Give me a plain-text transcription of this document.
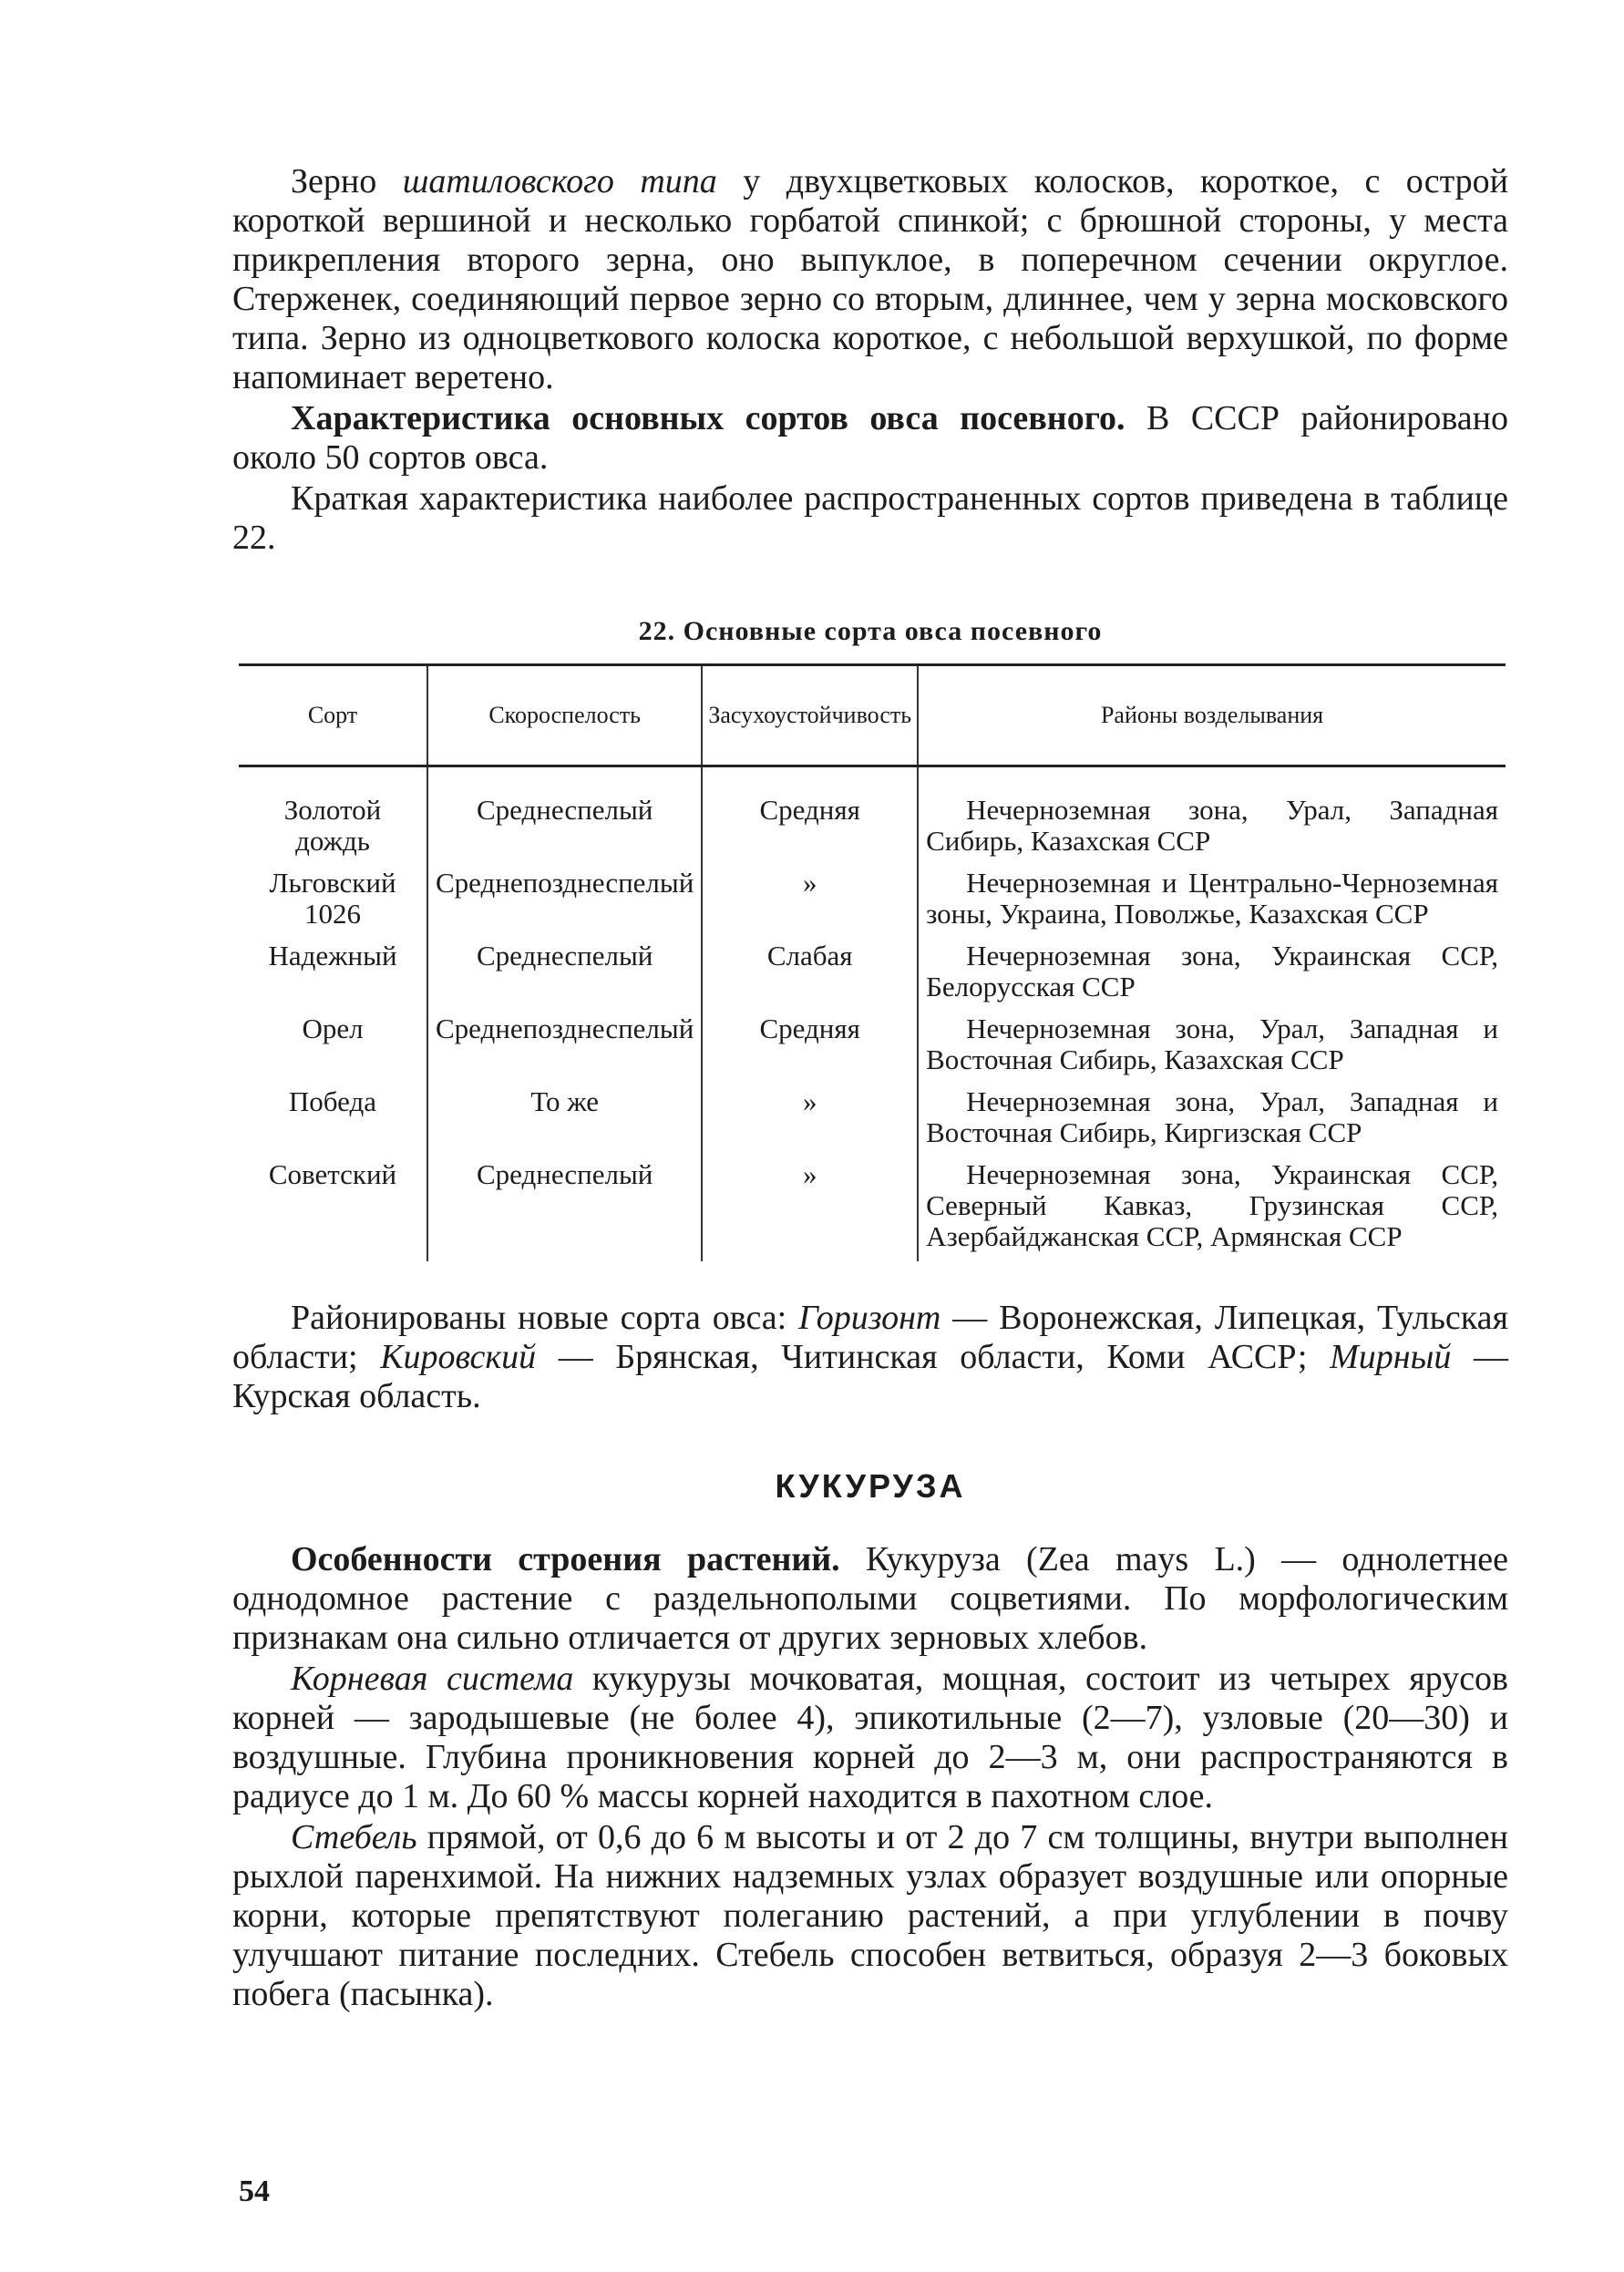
Зерно шатиловского типа у двухцветковых колосков, короткое, с острой короткой вершиной и несколько горбатой спинкой; с брюшной стороны, у места прикрепления второго зерна, оно выпуклое, в поперечном сечении округлое. Стерженек, соединяющий первое зерно со вторым, длиннее, чем у зерна московского типа. Зерно из одноцветкового колоска короткое, с небольшой верхушкой, по форме напоминает веретено.

Характеристика основных сортов овса посевного. В СССР районировано около 50 сортов овса.

Краткая характеристика наиболее распространенных сортов приведена в таблице 22.

22. Основные сорта овса посевного
Сорт	Скороспелость	Засухоустойчивость	Районы возделывания
Золотой дождь	Среднеспелый	Средняя	Нечерноземная зона, Урал, Западная Сибирь, Казахская ССР

Льговский 1026	Среднепозднеспелый	»	Нечерноземная и Центрально-Черноземная зоны, Украина, Поволжье, Казахская ССР

Надежный	Среднеспелый	Слабая	Нечерноземная зона, Украинская ССР, Белорусская ССР

Орел	Среднепозднеспелый	Средняя	Нечерноземная зона, Урал, Западная и Восточная Сибирь, Казахская ССР

Победа	То же	»	Нечерноземная зона, Урал, Западная и Восточная Сибирь, Киргизская ССР

Советский	Среднеспелый	»	Нечерноземная зона, Украинская ССР, Северный Кавказ, Грузинская ССР, Азербайджанская ССР, Армянская ССР

Районированы новые сорта овса: Горизонт — Воронежская, Липецкая, Тульская области; Кировский — Брянская, Читинская области, Коми АССР; Мирный — Курская область.

КУКУРУЗА

Особенности строения растений. Кукуруза (Zea mays L.) — однолетнее однодомное растение с раздельнополыми соцветиями. По морфологическим признакам она сильно отличается от других зерновых хлебов.

Корневая система кукурузы мочковатая, мощная, состоит из четырех ярусов корней — зародышевые (не более 4), эпикотильные (2—7), узловые (20—30) и воздушные. Глубина проникновения корней до 2—3 м, они распространяются в радиусе до 1 м. До 60 % массы корней находится в пахотном слое.

Стебель прямой, от 0,6 до 6 м высоты и от 2 до 7 см толщины, внутри выполнен рыхлой паренхимой. На нижних надземных узлах образует воздушные или опорные корни, которые препятствуют полеганию растений, а при углублении в почву улучшают питание последних. Стебель способен ветвиться, образуя 2—3 боковых побега (пасынка).

54
